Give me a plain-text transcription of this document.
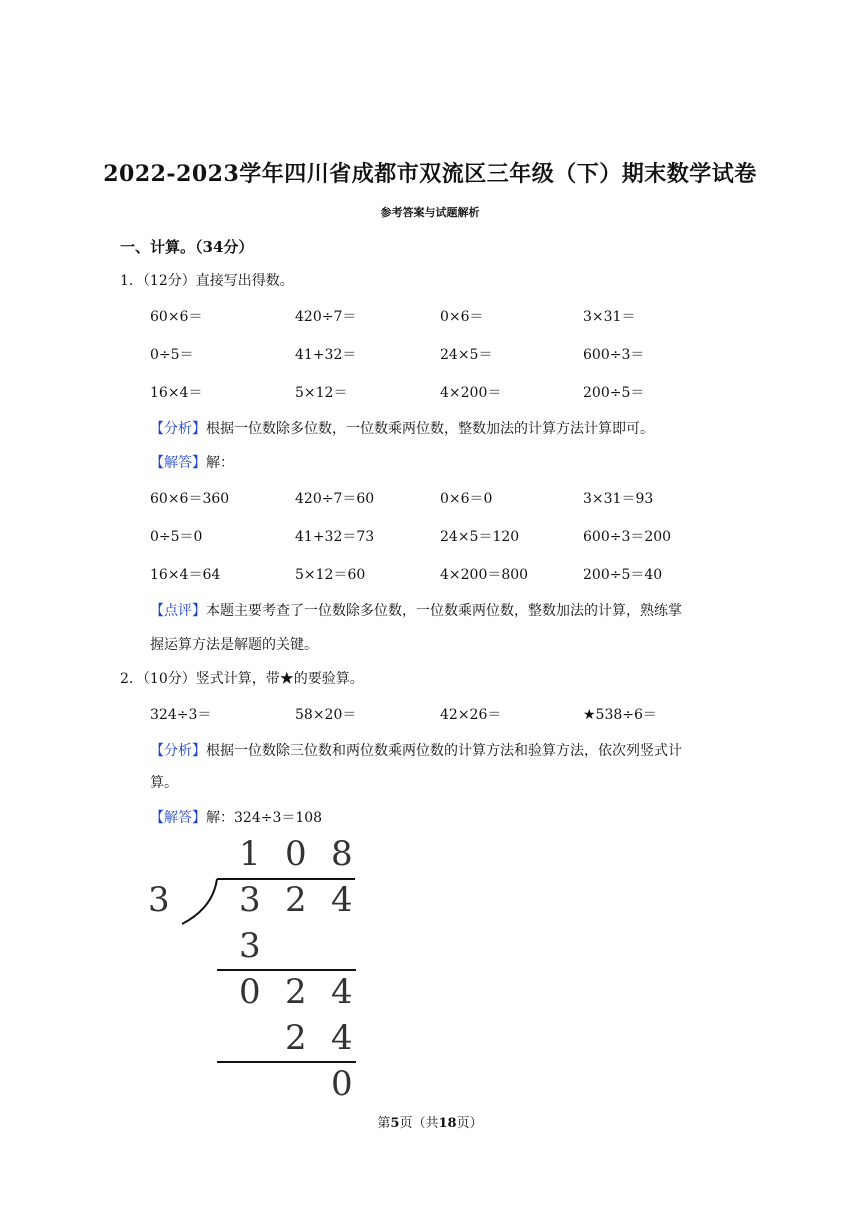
2022-2023学年四川省成都市双流区三年级（下）期末数学试卷
参考答案与试题解析
一、计算。（34分）
1．（12分）直接写出得数。
60×6＝	420÷7＝	0×6＝	3×31＝
0÷5＝	41+32＝	24×5＝	600÷3＝
16×4＝	5×12＝	4×200＝	200÷5＝
【分析】根据一位数除多位数，一位数乘两位数，整数加法的计算方法计算即可。
【解答】解：
60×6＝360	420÷7＝60	0×6＝0	3×31＝93
0÷5＝0	41+32＝73	24×5＝120	600÷3＝200
16×4＝64	5×12＝60	4×200＝800	200÷5＝40
【点评】本题主要考查了一位数除多位数，一位数乘两位数，整数加法的计算，熟练掌
握运算方法是解题的关键。
2．（10分）竖式计算，带★的要验算。
324÷3＝	58×20＝	42×26＝	★538÷6＝
【分析】根据一位数除三位数和两位数乘两位数的计算方法和验算方法，依次列竖式计
算。
【解答】解：324÷3＝108
1 0 8
3 3 2 4
3
0 2 4
2 4
0
第5页（共18页）
